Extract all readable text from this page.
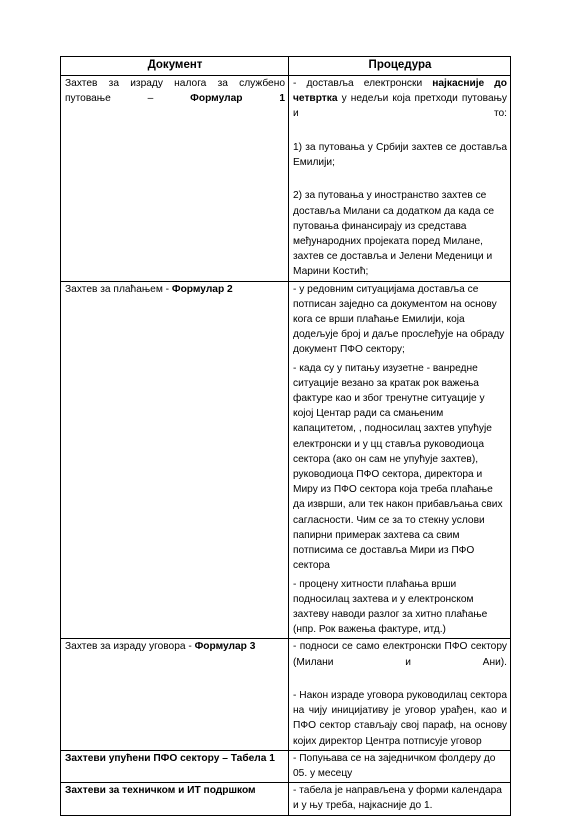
Документ	Процедура

Захтев за израду налога за службено путовање – Формулар 1	- доставља електронски најкасније до четвртка у недељи која претходи путовању и то:

1) за путовања у Србији захтев се доставља Емилији;

2) за путовања у иностранство захтев се доставља Милани са додатком да када се путовања финансирају из средстава међународних пројеката поред Милане, захтев се доставља и Јелени Меденици и Марини Костић;

Захтев за плаћањем - Формулар 2	- у редовним ситуацијама доставља се потписан заједно са документом на основу кога се врши плаћање Емилији, која додељује број и даље прослеђује на обраду документ ПФО сектору;

- када су у питању изузетне - ванредне ситуације везано за кратак рок важења фактуре као и због тренутне ситуације у којој Центар ради са смањеним капацитетом, , подносилац захтев упућује електронски и у цц ставља руководиоца сектора (ако он сам не упућује захтев), руководиоца ПФО сектора, директора и Миру из ПФО сектора која треба плаћање да изврши, али тек након прибављања свих сагласности. Чим се за то стекну услови папирни примерак захтева са свим потписима се доставља Мири из ПФО сектора

- процену хитности плаћања врши подносилац захтева и у електронском захтеву наводи разлог за хитно плаћање (нпр. Рок важења фактуре, итд.)

Захтев за израду уговора - Формулар 3	- подноси се само електронски ПФО сектору (Милани и Ани).

- Након израде уговора руководилац сектора на чију иницијативу је уговор урађен, као и ПФО сектор стављају свој параф, на основу којих директор Центра потписује уговор

Захтеви упућени ПФО сектору – Табела 1	- Попуњава се на заједничком фолдеру до 05. у месецу

Захтеви за техничком и ИТ подршком	- табела је направљена у форми календара и у њу треба, најкасније до 1.
